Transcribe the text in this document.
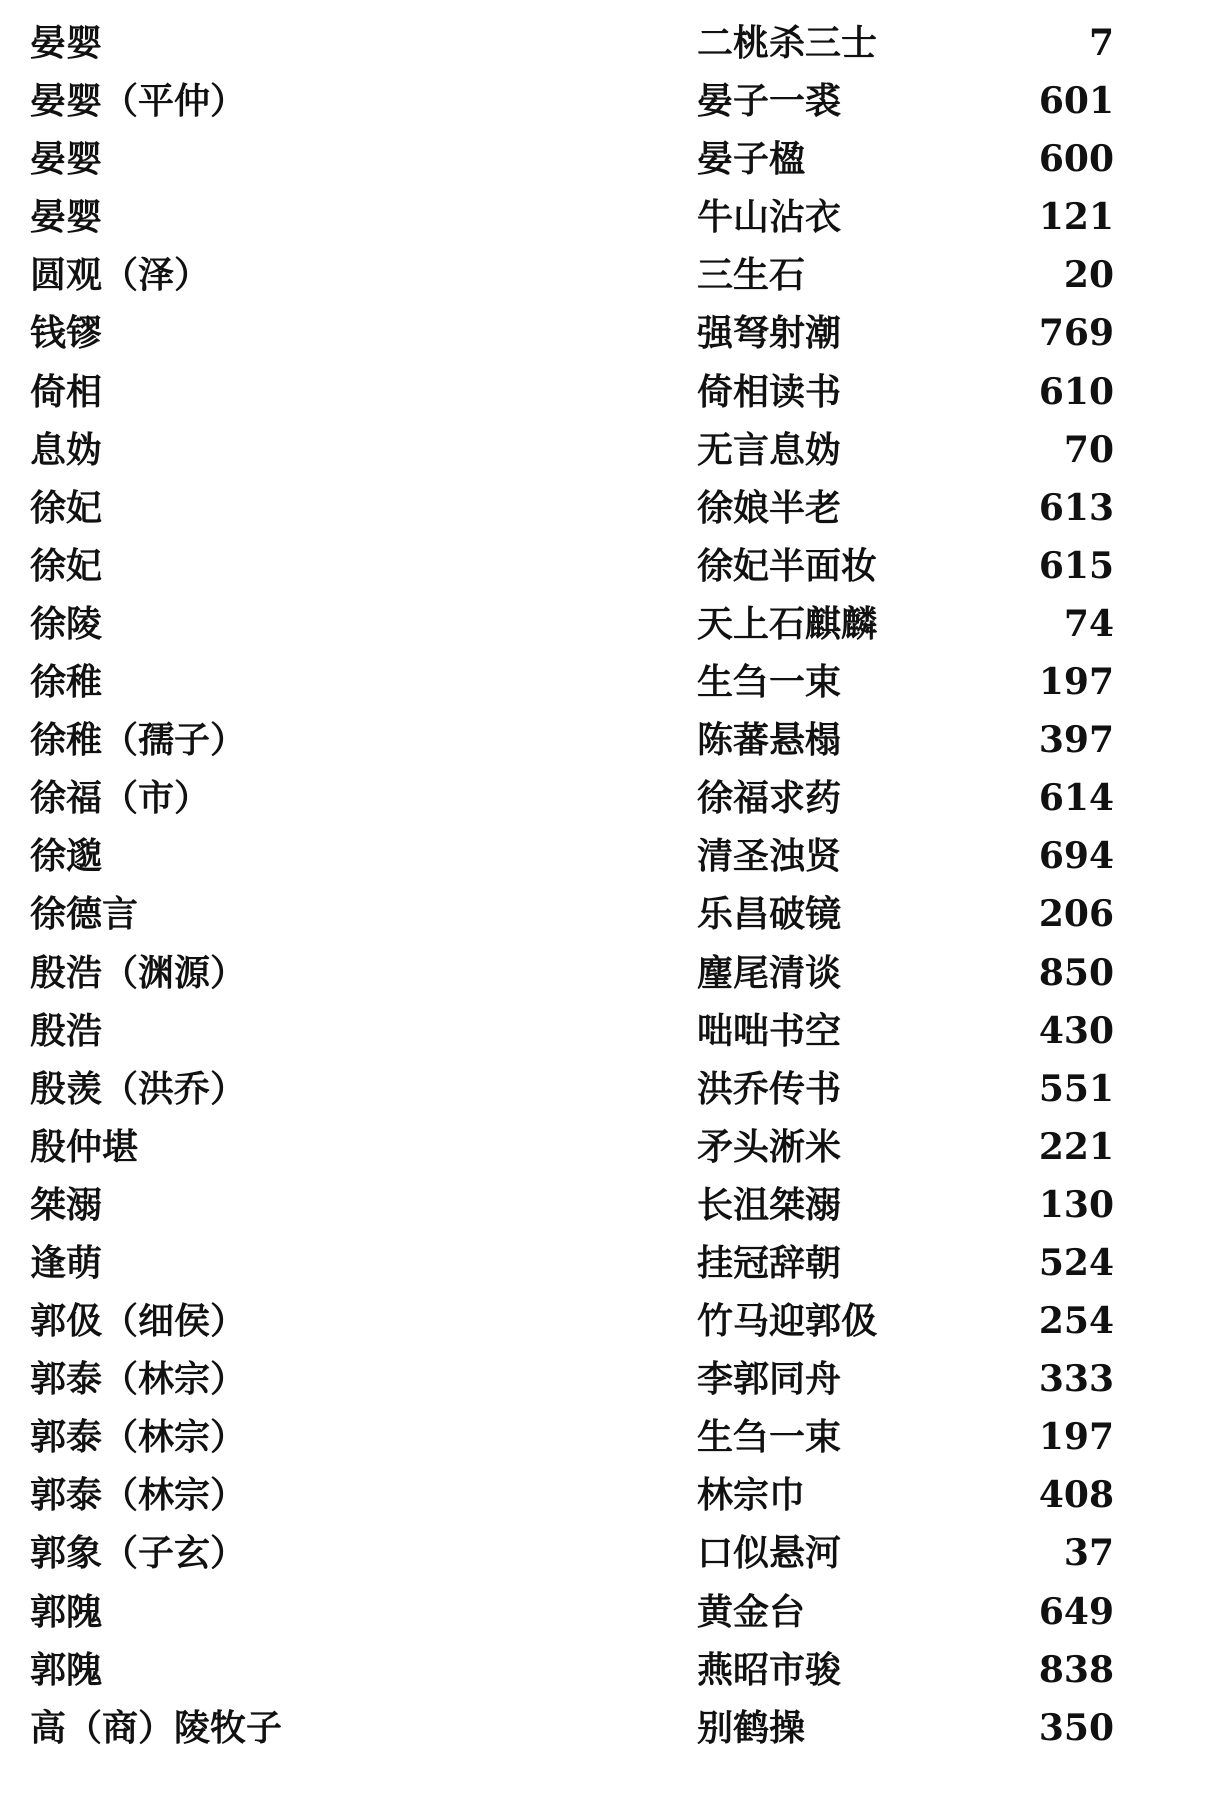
晏婴	二桃杀三士	7
晏婴（平仲）	晏子一裘	601
晏婴	晏子楹	600
晏婴	牛山沾衣	121
圆观（泽）	三生石	20
钱镠	强弩射潮	769
倚相	倚相读书	610
息妫	无言息妫	70
徐妃	徐娘半老	613
徐妃	徐妃半面妆	615
徐陵	天上石麒麟	74
徐稚	生刍一束	197
徐稚（孺子）	陈蕃悬榻	397
徐福（市）	徐福求药	614
徐邈	清圣浊贤	694
徐德言	乐昌破镜	206
殷浩（渊源）	麈尾清谈	850
殷浩	咄咄书空	430
殷羡（洪乔）	洪乔传书	551
殷仲堪	矛头淅米	221
桀溺	长沮桀溺	130
逢萌	挂冠辞朝	524
郭伋（细侯）	竹马迎郭伋	254
郭泰（林宗）	李郭同舟	333
郭泰（林宗）	生刍一束	197
郭泰（林宗）	林宗巾	408
郭象（子玄）	口似悬河	37
郭隗	黄金台	649
郭隗	燕昭市骏	838
高（商）陵牧子	别鹤操	350
